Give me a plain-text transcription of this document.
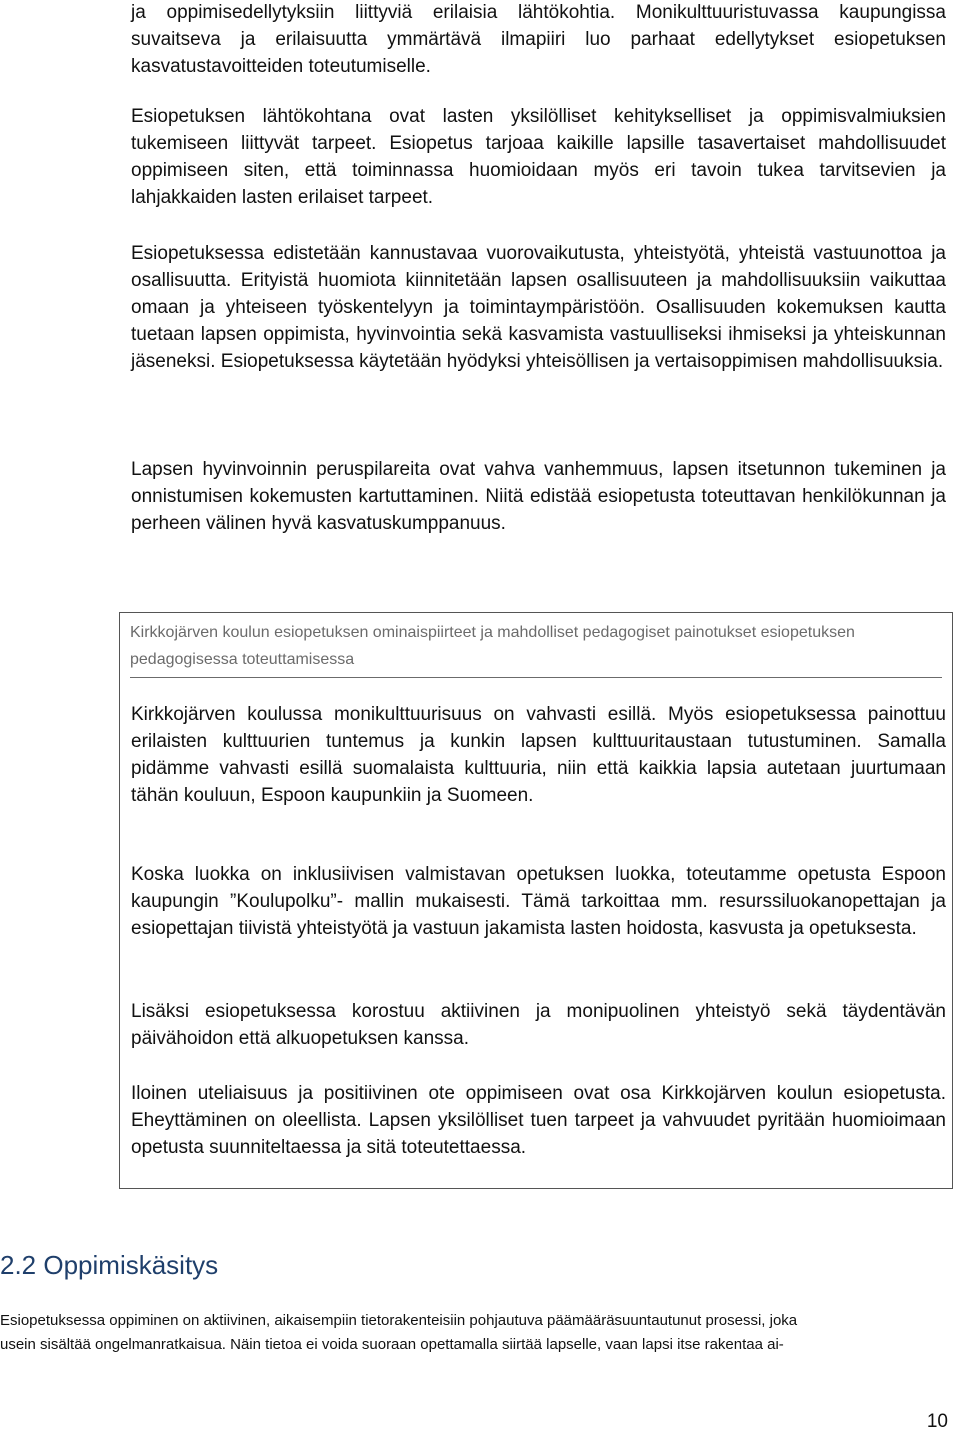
ja oppimisedellytyksiin liittyviä erilaisia lähtökohtia. Monikulttuuristuvassa kaupungissa suvaitseva ja erilaisuutta ymmärtävä ilmapiiri luo parhaat edellytykset esiopetuksen kasvatustavoitteiden toteutumiselle.

Esiopetuksen lähtökohtana ovat lasten yksilölliset kehitykselliset ja oppimisvalmiuksien tukemiseen liittyvät tarpeet. Esiopetus tarjoaa kaikille lapsille tasavertaiset mahdollisuudet oppimiseen siten, että toiminnassa huomioidaan myös eri tavoin tukea tarvitsevien ja lahjakkaiden lasten erilaiset tarpeet.

Esiopetuksessa edistetään kannustavaa vuorovaikutusta, yhteistyötä, yhteistä vastuunottoa ja osallisuutta. Erityistä huomiota kiinnitetään lapsen osallisuuteen ja mahdollisuuksiin vaikuttaa omaan ja yhteiseen työskentelyyn ja toimintaympäristöön. Osallisuuden kokemuksen kautta tuetaan lapsen oppimista, hyvinvointia sekä kasvamista vastuulliseksi ihmiseksi ja yhteiskunnan jäseneksi. Esiopetuksessa käytetään hyödyksi yhteisöllisen ja vertaisoppimisen mahdollisuuksia.

Lapsen hyvinvoinnin peruspilareita ovat vahva vanhemmuus, lapsen itsetunnon tukeminen ja onnistumisen kokemusten kartuttaminen. Niitä edistää esiopetusta toteuttavan henkilökunnan ja perheen välinen hyvä kasvatuskumppanuus.

Kirkkojärven koulun esiopetuksen ominaispiirteet ja mahdolliset pedagogiset painotukset esiopetuksen pedagogisessa toteuttamisessa

Kirkkojärven koulussa monikulttuurisuus on vahvasti esillä. Myös esiopetuksessa painottuu erilaisten kulttuurien tuntemus ja kunkin lapsen kulttuuritaustaan tutustuminen. Samalla pidämme vahvasti esillä suomalaista kulttuuria, niin että kaikkia lapsia autetaan juurtumaan tähän kouluun, Espoon kaupunkiin ja Suomeen.

Koska luokka on inklusiivisen valmistavan opetuksen luokka, toteutamme opetusta Espoon kaupungin ”Koulupolku”- mallin mukaisesti. Tämä tarkoittaa mm. resurssiluokanopettajan ja esiopettajan tiivistä yhteistyötä ja vastuun jakamista lasten hoidosta, kasvusta ja opetuksesta.

Lisäksi esiopetuksessa korostuu aktiivinen ja monipuolinen yhteistyö sekä täydentävän päivähoidon että alkuopetuksen kanssa.

Iloinen uteliaisuus ja positiivinen ote oppimiseen ovat osa Kirkkojärven koulun esiopetusta. Eheyttäminen on oleellista. Lapsen yksilölliset tuen tarpeet ja vahvuudet pyritään huomioimaan opetusta suunniteltaessa ja sitä toteutettaessa.

2.2 Oppimiskäsitys

Esiopetuksessa oppiminen on aktiivinen, aikaisempiin tietorakenteisiin pohjautuva päämääräsuuntautunut prosessi, joka

usein sisältää ongelmanratkaisua. Näin tietoa ei voida suoraan opettamalla siirtää lapselle, vaan lapsi itse rakentaa ai-

10
